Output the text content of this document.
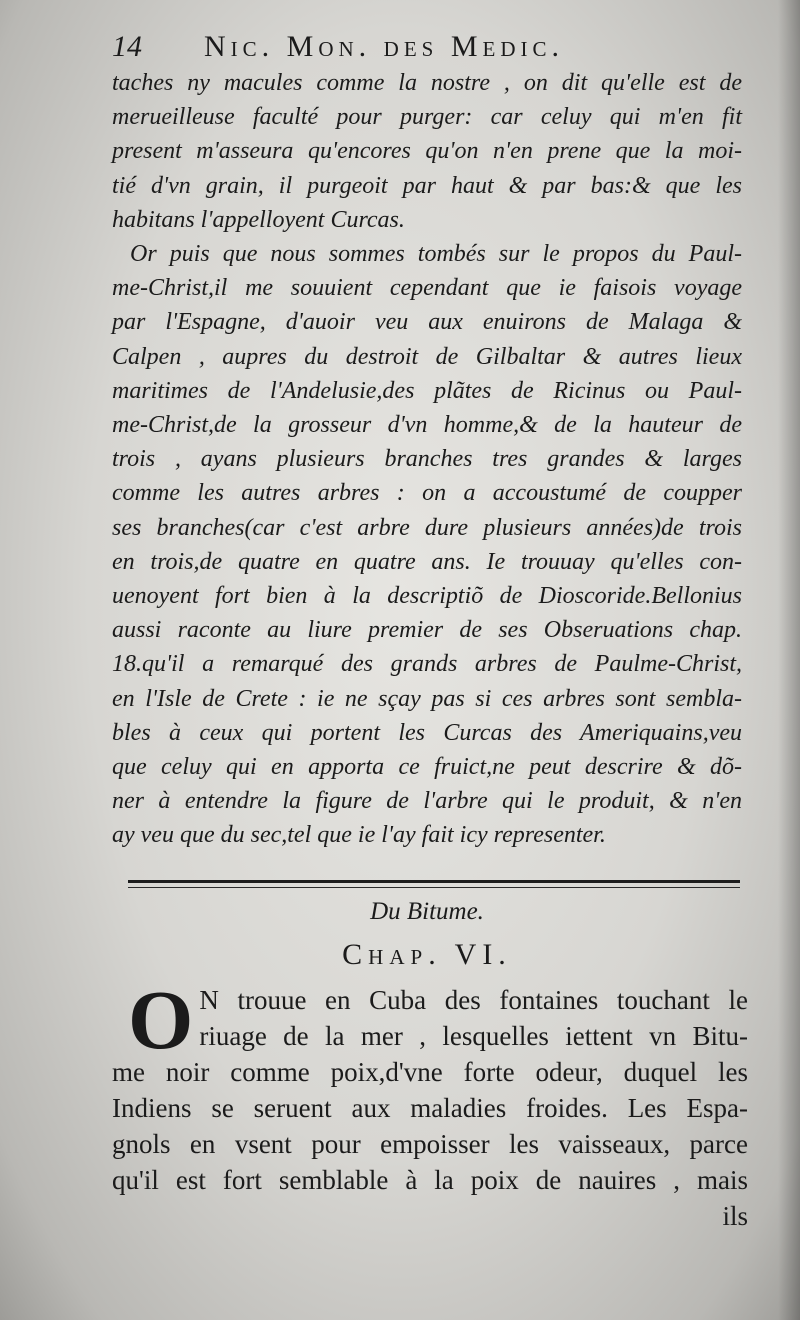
14 Nic. Mon. des Medic.
taches ny macules comme la nostre , on dit qu'elle est de
merueilleuse faculté pour purger: car celuy qui m'en fit
present m'asseura qu'encores qu'on n'en prene que la moi-
tié d'vn grain, il purgeoit par haut & par bas:& que les
habitans l'appelloyent Curcas.
Or puis que nous sommes tombés sur le propos du Paul-
me-Christ,il me souuient cependant que ie faisois voyage
par l'Espagne, d'auoir veu aux enuirons de Malaga &
Calpen , aupres du destroit de Gilbaltar & autres lieux
maritimes de l'Andelusie,des plãtes de Ricinus ou Paul-
me-Christ,de la grosseur d'vn homme,& de la hauteur de
trois , ayans plusieurs branches tres grandes & larges
comme les autres arbres : on a accoustumé de coupper
ses branches(car c'est arbre dure plusieurs années)de trois
en trois,de quatre en quatre ans. Ie trouuay qu'elles con-
uenoyent fort bien à la descriptiõ de Dioscoride.Bellonius
aussi raconte au liure premier de ses Obseruations chap.
18.qu'il a remarqué des grands arbres de Paulme-Christ,
en l'Isle de Crete : ie ne sçay pas si ces arbres sont sembla-
bles à ceux qui portent les Curcas des Ameriquains,veu
que celuy qui en apporta ce fruict,ne peut descrire & dõ-
ner à entendre la figure de l'arbre qui le produit, & n'en
ay veu que du sec,tel que ie l'ay fait icy representer.
Du Bitume.
Chap. VI.
O N trouue en Cuba des fontaines touchant le
riuage de la mer , lesquelles iettent vn Bitu-
me noir comme poix,d'vne forte odeur, duquel les
Indiens se seruent aux maladies froides. Les Espa-
gnols en vsent pour empoisser les vaisseaux, parce
qu'il est fort semblable à la poix de nauires , mais
ils
